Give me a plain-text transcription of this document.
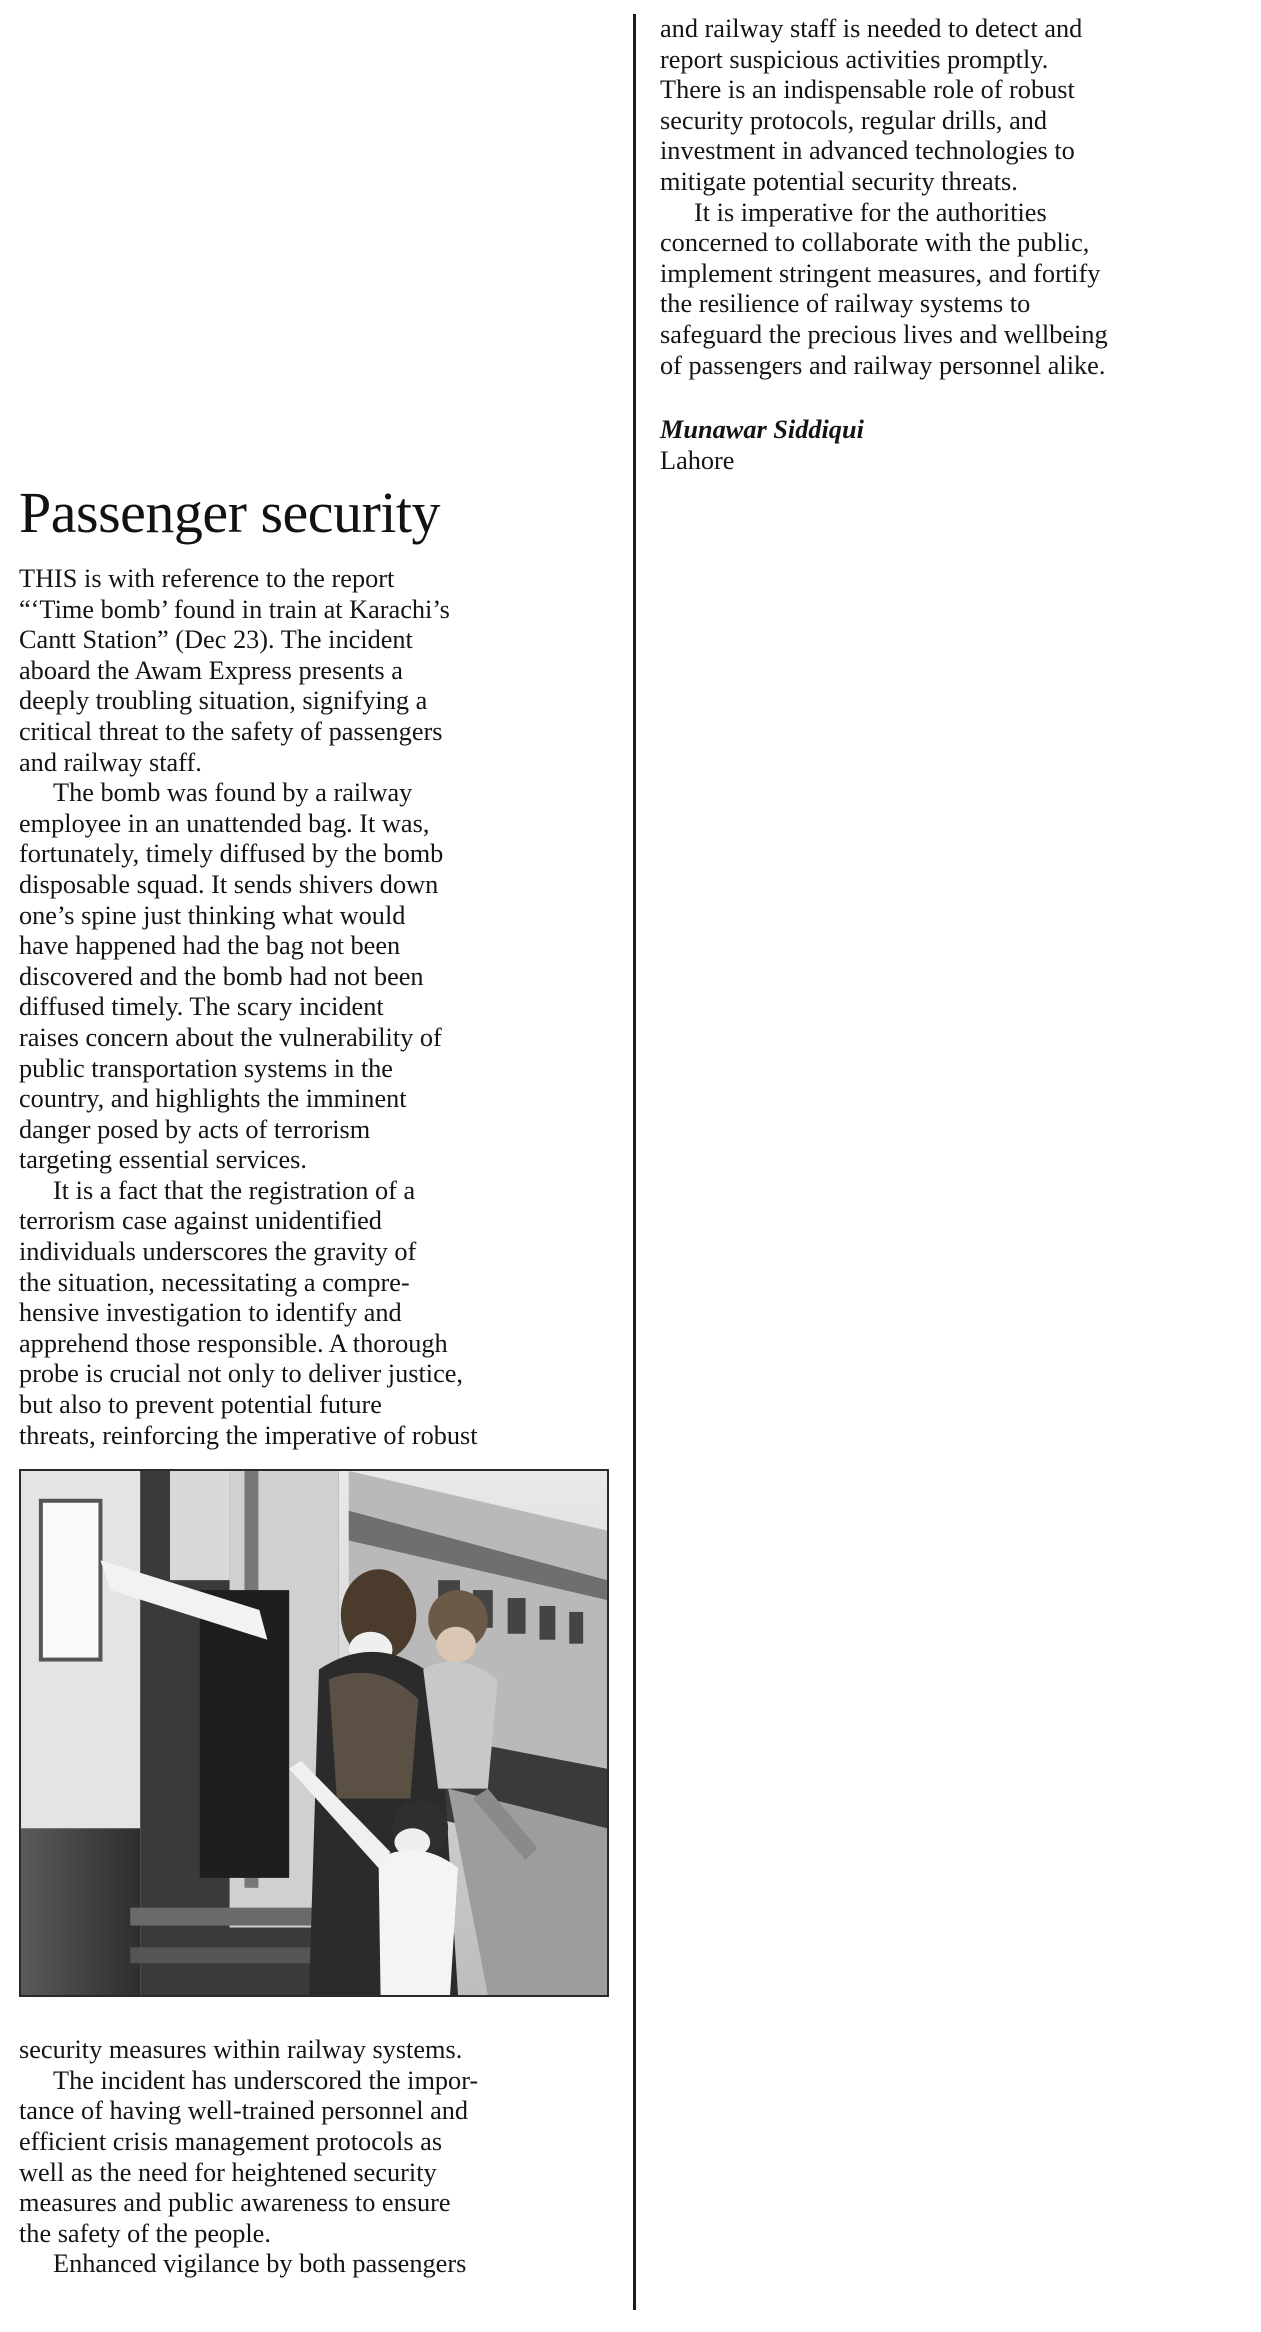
Passenger security

THIS is with reference to the report
“‘Time bomb’ found in train at Karachi’s
Cantt Station” (Dec 23). The incident
aboard the Awam Express presents a
deeply troubling situation, signifying a
critical threat to the safety of passengers
and railway staff.

The bomb was found by a railway
employee in an unattended bag. It was,
fortunately, timely diffused by the bomb
disposable squad. It sends shivers down
one’s spine just thinking what would
have happened had the bag not been
discovered and the bomb had not been
diffused timely. The scary incident
raises concern about the vulnerability of
public transportation systems in the
country, and highlights the imminent
danger posed by acts of terrorism
targeting essential services.

It is a fact that the registration of a
terrorism case against unidentified
individuals underscores the gravity of
the situation, necessitating a compre-
hensive investigation to identify and
apprehend those responsible. A thorough
probe is crucial not only to deliver justice,
but also to prevent potential future
threats, reinforcing the imperative of robust

security measures within railway systems.

The incident has underscored the impor-
tance of having well-trained personnel and
efficient crisis management protocols as
well as the need for heightened security
measures and public awareness to ensure
the safety of the people.

Enhanced vigilance by both passengers

and railway staff is needed to detect and
report suspicious activities promptly.
There is an indispensable role of robust
security protocols, regular drills, and
investment in advanced technologies to
mitigate potential security threats.

It is imperative for the authorities
concerned to collaborate with the public,
implement stringent measures, and fortify
the resilience of railway systems to
safeguard the precious lives and wellbeing
of passengers and railway personnel alike.

Munawar Siddiqui
Lahore
